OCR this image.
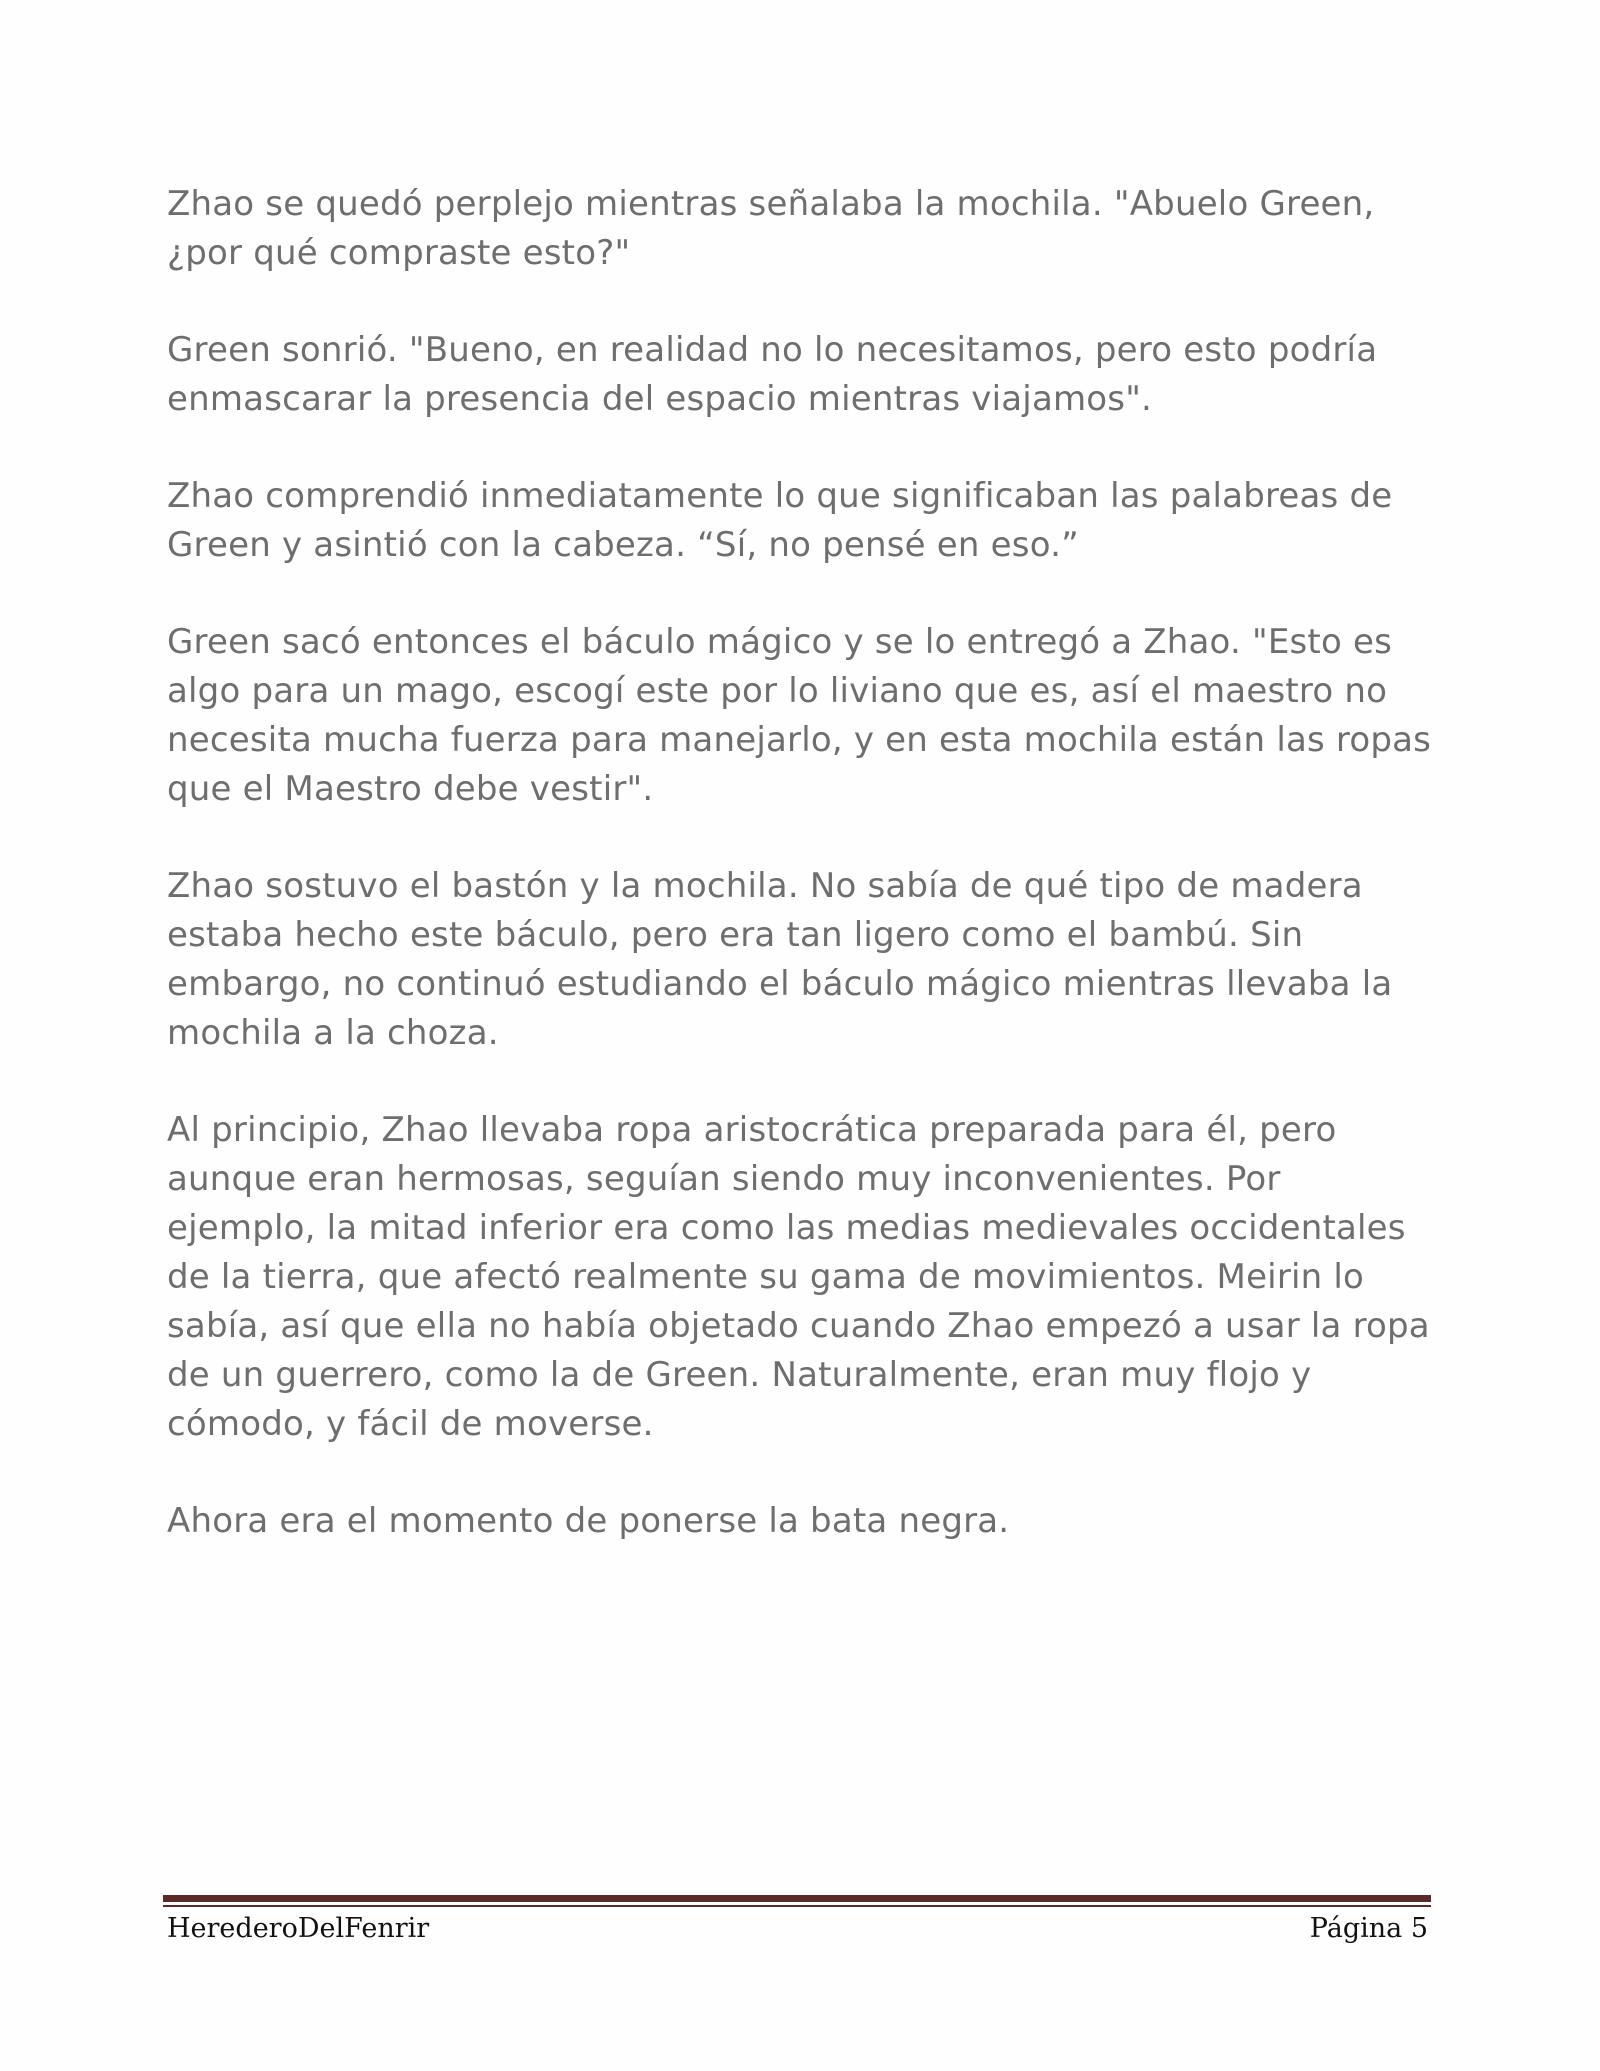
Zhao se quedó perplejo mientras señalaba la mochila. "Abuelo Green, ¿por qué compraste esto?"

Green sonrió. "Bueno, en realidad no lo necesitamos, pero esto podría enmascarar la presencia del espacio mientras viajamos".

Zhao comprendió inmediatamente lo que significaban las palabreas de Green y asintió con la cabeza. “Sí, no pensé en eso.”

Green sacó entonces el báculo mágico y se lo entregó a Zhao. "Esto es algo para un mago, escogí este por lo liviano que es, así el maestro no necesita mucha fuerza para manejarlo, y en esta mochila están las ropas que el Maestro debe vestir".

Zhao sostuvo el bastón y la mochila. No sabía de qué tipo de madera estaba hecho este báculo, pero era tan ligero como el bambú. Sin embargo, no continuó estudiando el báculo mágico mientras llevaba la mochila a la choza.

Al principio, Zhao llevaba ropa aristocrática preparada para él, pero aunque eran hermosas, seguían siendo muy inconvenientes. Por ejemplo, la mitad inferior era como las medias medievales occidentales de la tierra, que afectó realmente su gama de movimientos. Meirin lo sabía, así que ella no había objetado cuando Zhao empezó a usar la ropa de un guerrero, como la de Green. Naturalmente, eran muy flojo y cómodo, y fácil de moverse.

Ahora era el momento de ponerse la bata negra.

HerederoDelFenrir	Página 5
